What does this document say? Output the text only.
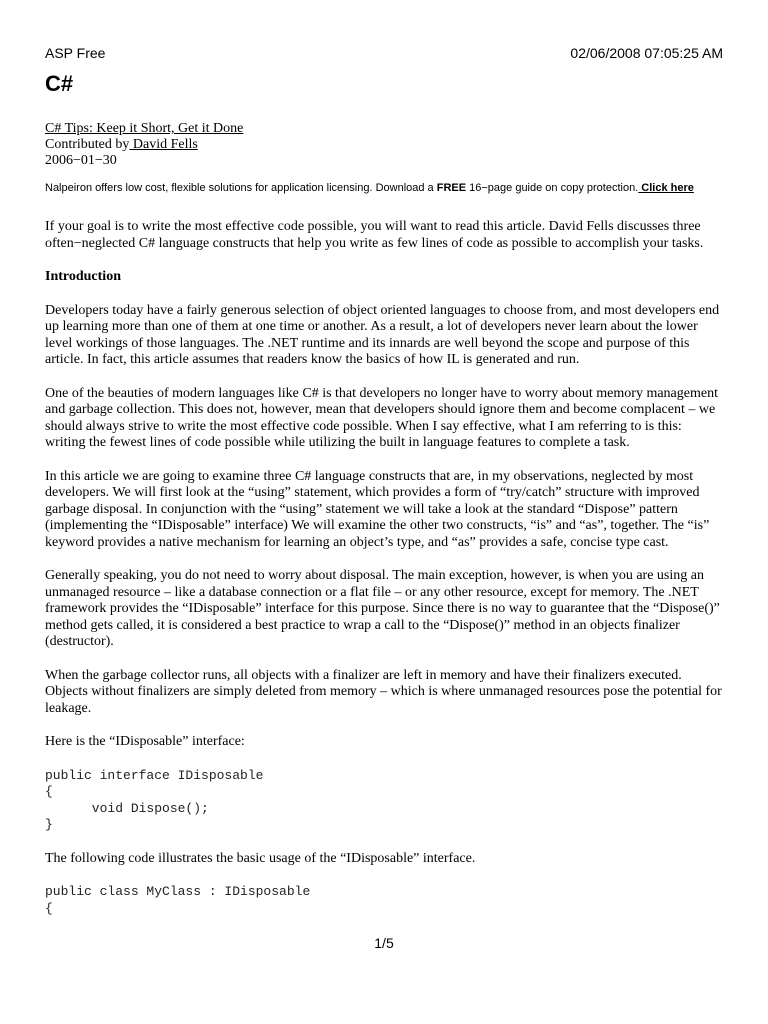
ASP Free	02/06/2008 07:05:25 AM
C#
C# Tips: Keep it Short, Get it Done
Contributed by David Fells
2006−01−30
Nalpeiron offers low cost, flexible solutions for application licensing. Download a FREE 16−page guide on copy protection. Click here

If your goal is to write the most effective code possible, you will want to read this article. David Fells discusses three often−neglected C# language constructs that help you write as few lines of code as possible to accomplish your tasks.

Introduction

Developers today have a fairly generous selection of object oriented languages to choose from, and most developers end up learning more than one of them at one time or another. As a result, a lot of developers never learn about the lower level workings of those languages. The .NET runtime and its innards are well beyond the scope and purpose of this article. In fact, this article assumes that readers know the basics of how IL is generated and run.

One of the beauties of modern languages like C# is that developers no longer have to worry about memory management and garbage collection. This does not, however, mean that developers should ignore them and become complacent – we should always strive to write the most effective code possible. When I say effective, what I am referring to is this: writing the fewest lines of code possible while utilizing the built in language features to complete a task.

In this article we are going to examine three C# language constructs that are, in my observations, neglected by most developers. We will first look at the “using” statement, which provides a form of “try/catch” structure with improved garbage disposal. In conjunction with the “using” statement we will take a look at the standard “Dispose” pattern (implementing the “IDisposable” interface) We will examine the other two constructs, “is” and “as”, together. The “is” keyword provides a native mechanism for learning an object’s type, and “as” provides a safe, concise type cast.

Generally speaking, you do not need to worry about disposal. The main exception, however, is when you are using an unmanaged resource – like a database connection or a flat file – or any other resource, except for memory. The .NET framework provides the “IDisposable” interface for this purpose. Since there is no way to guarantee that the “Dispose()” method gets called, it is considered a best practice to wrap a call to the “Dispose()” method in an objects finalizer (destructor).

When the garbage collector runs, all objects with a finalizer are left in memory and have their finalizers executed. Objects without finalizers are simply deleted from memory – which is where unmanaged resources pose the potential for leakage.

Here is the “IDisposable” interface:

public interface IDisposable
{
void Dispose();
}

The following code illustrates the basic usage of the “IDisposable” interface.

public class MyClass : IDisposable
{
1/5
